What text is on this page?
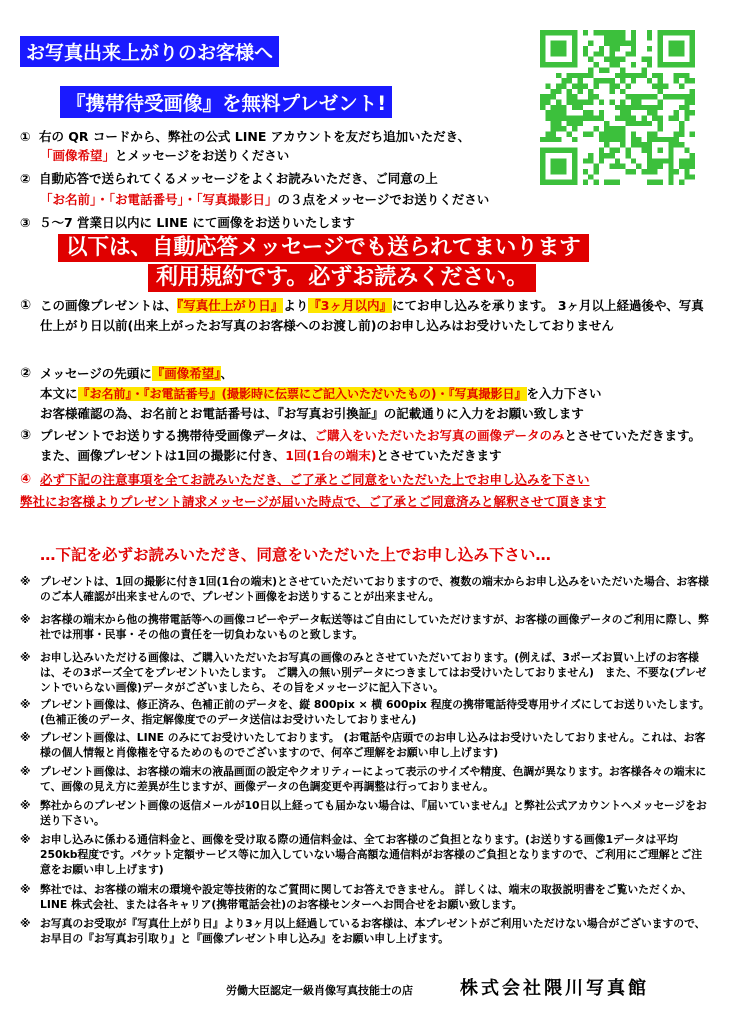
お写真出来上がりのお客様へ
『携帯待受画像』を無料プレゼント!
① 右の QR コードから、弊社の公式 LINE アカウントを友だち追加いただき、
「画像希望」とメッセージをお送りください
② 自動応答で送られてくるメッセージをよくお読みいただき、ご同意の上
「お名前」・「お電話番号」・「写真撮影日」の３点をメッセージでお送りください
③ ５～7 営業日以内に LINE にて画像をお送りいたします
以下は、自動応答メッセージでも送られてまいります
利用規約です。必ずお読みください。
① この画像プレゼントは、『写真仕上がり日』より『3ヶ月以内』にてお申し込みを承ります。 3ヶ月以上経過後や、写真仕上がり日以前(出来上がったお写真のお客様へのお渡し前)のお申し込みはお受けいたしておりません
② メッセージの先頭に『画像希望』、
本文に『お名前』・『お電話番号』(撮影時に伝票にご記入いただいたもの)・『写真撮影日』を入力下さい
お客様確認の為、お名前とお電話番号は、『お写真お引換証』の記載通りに入力をお願い致します
③ プレゼントでお送りする携帯待受画像データは、ご購入をいただいたお写真の画像データのみとさせていただきます。また、画像プレゼントは1回の撮影に付き、1回(1台の端末)とさせていただきます
④ 必ず下記の注意事項を全てお読みいただき、ご了承とご同意をいただいた上でお申し込みを下さい
弊社にお客様よりプレゼント請求メッセージが届いた時点で、ご了承とご同意済みと解釈させて頂きます
…下記を必ずお読みいただき、同意をいただいた上でお申し込み下さい…
※ プレゼントは、1回の撮影に付き1回(1台の端末)とさせていただいておりますので、複数の端末からお申し込みをいただいた場合、お客様のご本人確認が出来ませんので、プレゼント画像をお送りすることが出来ません。
※ お客様の端末から他の携帯電話等への画像コピーやデータ転送等はご自由にしていただけますが、お客様の画像データのご利用に際し、弊社では刑事・民事・その他の責任を一切負わないものと致します。
※ お申し込みいただける画像は、ご購入いただいたお写真の画像のみとさせていただいております。(例えば、3ポーズお買い上げのお客様は、その3ポーズ全てをプレゼントいたします。 ご購入の無い別データにつきましてはお受けいたしておりません)　また、不要な(プレゼントでいらない画像)データがございましたら、その旨をメッセージに記入下さい。
※ プレゼント画像は、修正済み、色補正前のデータを、縦 800pix × 横 600pix 程度の携帯電話待受専用サイズにしてお送りいたします。 (色補正後のデータ、指定解像度でのデータ送信はお受けいたしておりません)
※ プレゼント画像は、LINE のみにてお受けいたしております。 (お電話や店頭でのお申し込みはお受けいたしておりません。これは、お客様の個人情報と肖像権を守るためのものでございますので、何卒ご理解をお願い申し上げます)
※ プレゼント画像は、お客様の端末の液晶画面の設定やクオリティーによって表示のサイズや精度、色調が異なります。お客様各々の端末にて、画像の見え方に差異が生じますが、画像データの色調変更や再調整は行っておりません。
※ 弊社からのプレゼント画像の返信メールが10日以上経っても届かない場合は、『届いていません』と弊社公式アカウントへメッセージをお送り下さい。
※ お申し込みに係わる通信料金と、画像を受け取る際の通信料金は、全てお客様のご負担となります。(お送りする画像1データは平均 250kb程度です。パケット定額サービス等に加入していない場合高額な通信料がお客様のご負担となりますので、ご利用にご理解とご注意をお願い申し上げます)
※ 弊社では、お客様の端末の環境や設定等技術的なご質問に関してお答えできません。 詳しくは、端末の取扱説明書をご覧いただくか、LINE 株式会社、または各キャリア(携帯電話会社)のお客様センターへお問合せをお願い致します。
※ お写真のお受取が『写真仕上がり日』より3ヶ月以上経過しているお客様は、本プレゼントがご利用いただけない場合がございますので、お早目の『お写真お引取り』と『画像プレゼント申し込み』をお願い申し上げます。
労働大臣認定一級肖像写真技能士の店	株式会社隈川写真館
